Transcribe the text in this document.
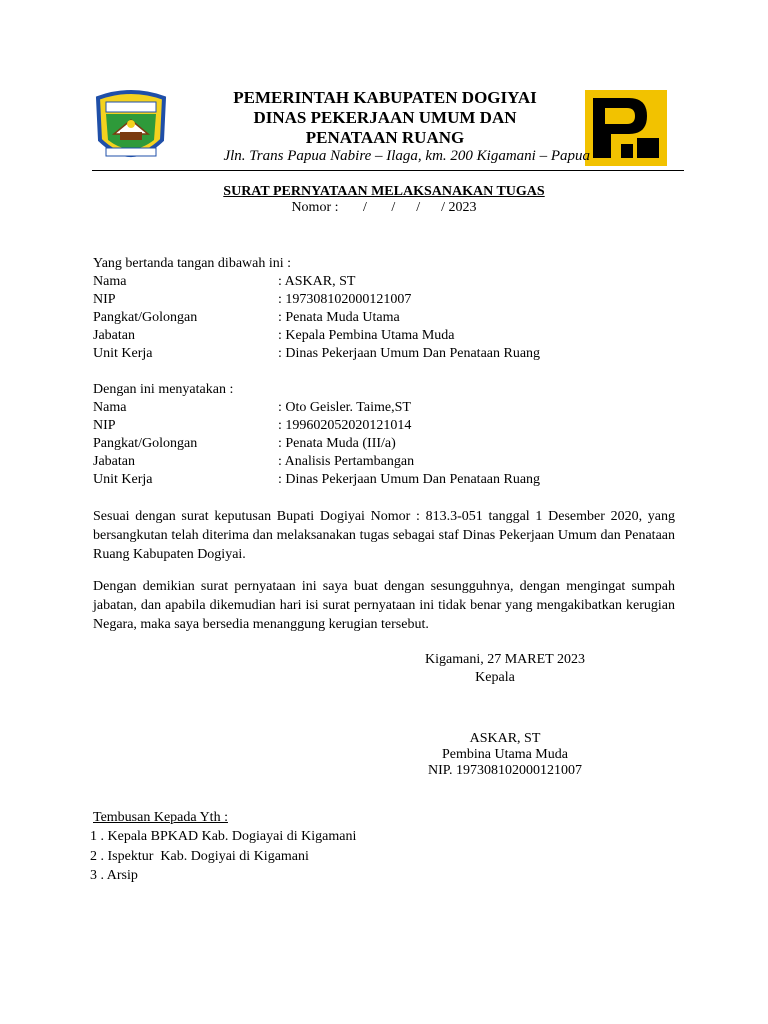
PEMERINTAH KABUPATEN DOGIYAI
DINAS PEKERJAAN UMUM DAN
PENATAAN RUANG
Jln. Trans Papua Nabire – Ilaga, km. 200 Kigamani – Papua
SURAT PERNYATAAN MELAKSANAKAN TUGAS
Nomor :       /       /      /      / 2023
Yang bertanda tangan dibawah ini :
Nama	: ASKAR, ST
NIP	: 197308102000121007
Pangkat/Golongan	: Penata Muda Utama
Jabatan	: Kepala Pembina Utama Muda
Unit Kerja	: Dinas Pekerjaan Umum Dan Penataan Ruang
Dengan ini menyatakan :
Nama	: Oto Geisler. Taime,ST
NIP	: 199602052020121014
Pangkat/Golongan	: Penata Muda (III/a)
Jabatan	: Analisis Pertambangan
Unit Kerja	: Dinas Pekerjaan Umum Dan Penataan Ruang
Sesuai dengan surat keputusan Bupati Dogiyai Nomor : 813.3-051 tanggal 1 Desember 2020, yang bersangkutan telah diterima dan melaksanakan tugas sebagai staf Dinas Pekerjaan Umum dan Penataan Ruang Kabupaten Dogiyai.
Dengan demikian surat pernyataan ini saya buat dengan sesungguhnya, dengan mengingat sumpah jabatan, dan apabila dikemudian hari isi surat pernyataan ini tidak benar yang mengakibatkan kerugian Negara, maka saya bersedia menanggung kerugian tersebut.
Kigamani, 27 MARET 2023
Kepala
ASKAR, ST
Pembina Utama Muda
NIP. 197308102000121007
Tembusan Kepada Yth :
1 . Kepala BPKAD Kab. Dogiayai di Kigamani
2 . Ispektur  Kab. Dogiyai di Kigamani
3 . Arsip
